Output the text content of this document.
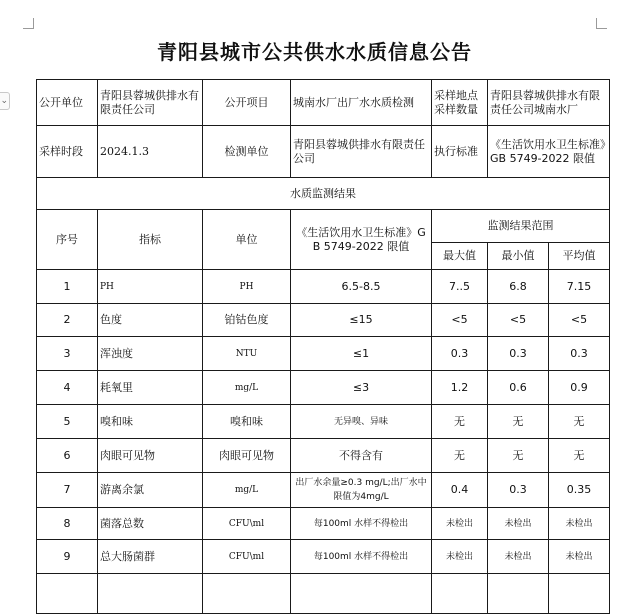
⌄
青阳县城市公共供水水质信息公告
公开单位	青阳县蓉城供排水有限责任公司	公开项目	城南水厂出厂水水质检测	采样地点采样数量	青阳县蓉城供排水有限责任公司城南水厂	
采样时段	2024.1.3	检测单位	青阳县蓉城供排水有限责任公司	执行标准	《生活饮用水卫生标准》GB 5749-2022 限值	
水质监测结果						
序号	指标	单位	《生活饮用水卫生标准》GB 5749-2022 限值	监测结果范围		
				最大值	最小值	平均值
1	PH	PH	6.5-8.5	7..5	6.8	7.15
2	色度	铂钴色度	≤15	<5	<5	<5
3	浑浊度	NTU	≤1	0.3	0.3	0.3
4	耗氧里	mg/L	≤3	1.2	0.6	0.9
5	嗅和味	嗅和味	无异嗅、异味	无	无	无
6	肉眼可见物	肉眼可见物	不得含有	无	无	无
7	游离余氯	mg/L	出厂水余量≥0.3 mg/L;出厂水中限值为4mg/L	0.4	0.3	0.35
8	菌落总数	CFU\ml	每100ml 水样不得检出	未检出	未检出	未检出
9	总大肠菌群	CFU\ml	每100ml 水样不得检出	未检出	未检出	未检出
